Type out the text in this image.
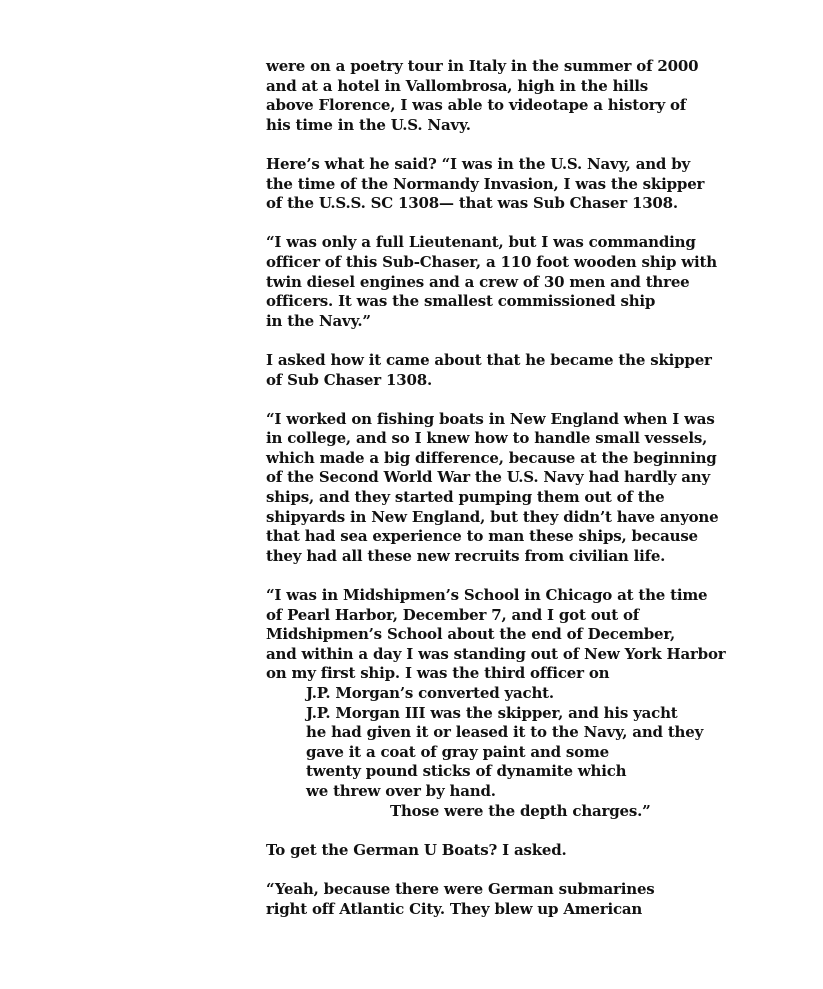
were on a poetry tour in Italy in the summer of 2000
and at a hotel in Vallombrosa, high in the hills
above Florence, I was able to videotape a history of
his time in the U.S. Navy.
Here’s what he said? “I was in the U.S. Navy, and by
the time of the Normandy Invasion, I was the skipper
of the U.S.S. SC 1308— that was Sub Chaser 1308.
“I was only a full Lieutenant, but I was commanding
officer of this Sub-Chaser, a 110 foot wooden ship with
twin diesel engines and a crew of 30 men and three
officers. It was the smallest commissioned ship
in the Navy.”
I asked how it came about that he became the skipper
of Sub Chaser 1308.
“I worked on fishing boats in New England when I was
in college, and so I knew how to handle small vessels,
which made a big difference, because at the beginning
of the Second World War the U.S. Navy had hardly any
ships, and they started pumping them out of the
shipyards in New England, but they didn’t have anyone
that had sea experience to man these ships, because
they had all these new recruits from civilian life.
“I was in Midshipmen’s School in Chicago at the time
of Pearl Harbor, December 7, and I got out of
Midshipmen’s School about the end of December,
and within a day I was standing out of New York Harbor
on my first ship. I was the third officer on
J.P. Morgan’s converted yacht.
J.P. Morgan III was the skipper, and his yacht
he had given it or leased it to the Navy, and they
gave it a coat of gray paint and some
twenty pound sticks of dynamite which
we threw over by hand.
Those were the depth charges.”
To get the German U Boats? I asked.
“Yeah, because there were German submarines
right off Atlantic City. They blew up American
